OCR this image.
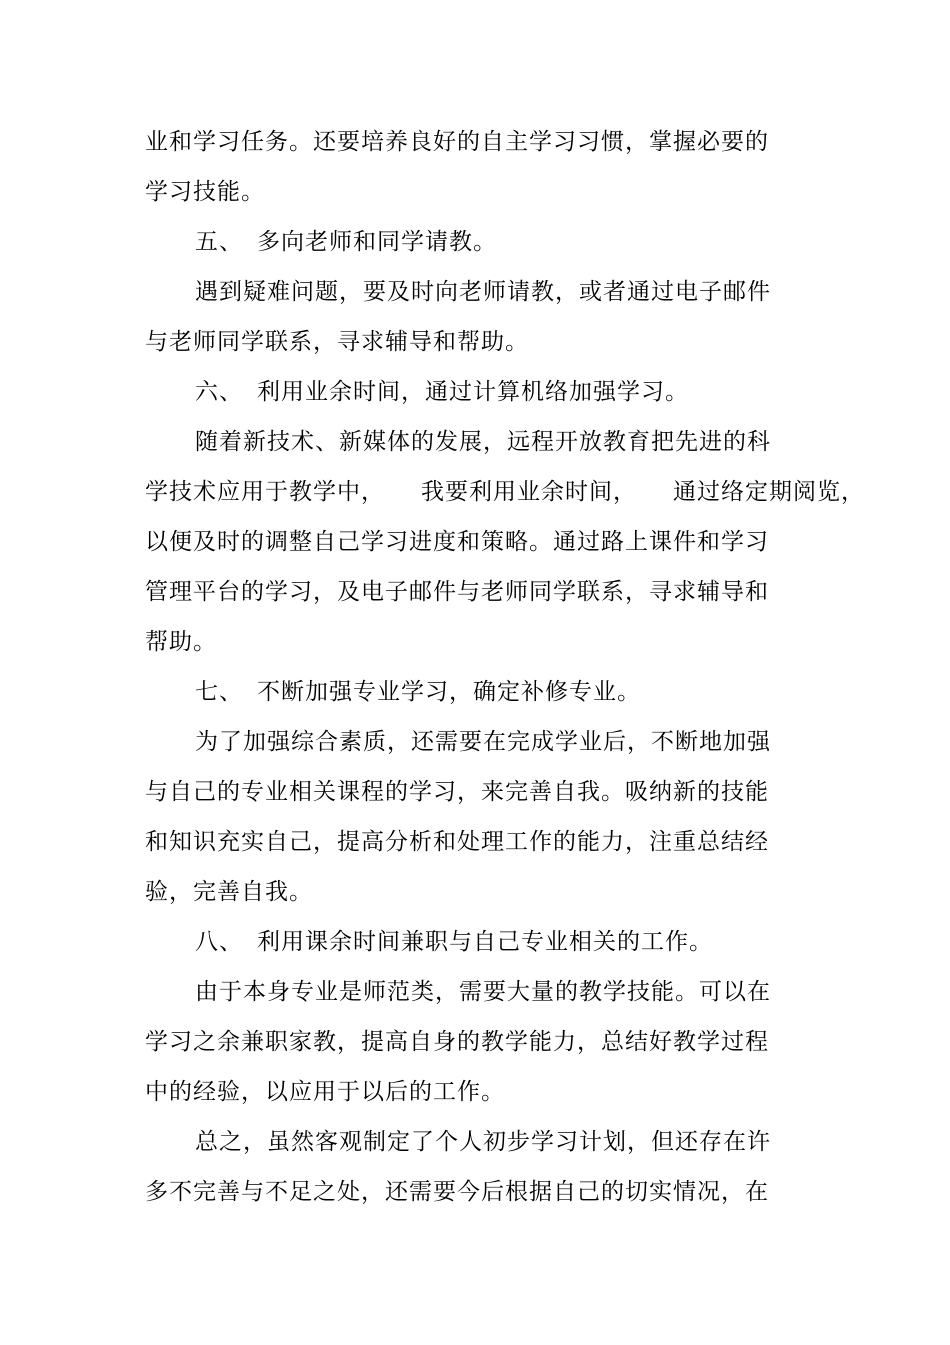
业和学习任务。还要培养良好的自主学习习惯，掌握必要的
学习技能。
五、 多向老师和同学请教。
遇到疑难问题，要及时向老师请教，或者通过电子邮件
与老师同学联系，寻求辅导和帮助。
六、 利用业余时间，通过计算机络加强学习。
随着新技术、新媒体的发展，远程开放教育把先进的科
学技术应用于教学中， 我要利用业余时间， 通过络定期阅览，
以便及时的调整自己学习进度和策略。通过路上课件和学习
管理平台的学习，及电子邮件与老师同学联系，寻求辅导和
帮助。
七、 不断加强专业学习，确定补修专业。
为了加强综合素质，还需要在完成学业后，不断地加强
与自己的专业相关课程的学习，来完善自我。吸纳新的技能
和知识充实自己，提高分析和处理工作的能力，注重总结经
验，完善自我。
八、 利用课余时间兼职与自己专业相关的工作。
由于本身专业是师范类，需要大量的教学技能。可以在
学习之余兼职家教，提高自身的教学能力，总结好教学过程
中的经验，以应用于以后的工作。
总之，虽然客观制定了个人初步学习计划，但还存在许
多不完善与不足之处，还需要今后根据自己的切实情况，在
